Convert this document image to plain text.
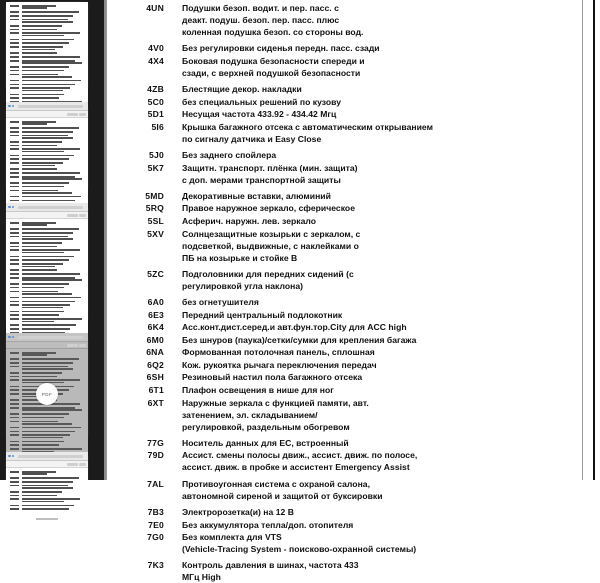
PDF
4UN Подушки безоп. водит. и пер. пасс. с
деакт. подуш. безоп. пер. пасс. плюс
коленная подушка безоп. со стороны вод.
4V0 Без регулировки сиденья передн. пасс. сзади
4X4 Боковая подушка безопасности спереди и
сзади, с верхней подушкой безопасности
4ZB Блестящие декор. накладки
5C0 без специальных решений по кузову
5D1 Несущая частота 433.92 - 434.42 Мгц
5I6 Крышка багажного отсека с автоматическим открыванием
по сигналу датчика и Easy Close
5J0 Без заднего спойлера
5K7 Защитн. транспорт. плёнка (мин. защита)
с доп. мерами транспортной защиты
5MD Декоративные вставки, алюминий
5RQ Правое наружное зеркало, сферическое
5SL Асферич. наружн. лев. зеркало
5XV Солнцезащитные козырьки с зеркалом, с
подсветкой, выдвижные, с наклейками о
ПБ на козырьке и стойке B
5ZC Подголовники для передних сидений (с
регулировкой угла наклона)
6A0 без огнетушителя
6E3 Передний центральный подлокотник
6K4 Асс.конт.дист.серед.и авт.фун.тор.City для ACC high
6M0 Без шнуров (паука)/сетки/сумки для крепления багажа
6NA Формованная потолочная панель, сплошная
6Q2 Кож. рукоятка рычага переключения передач
6SH Резиновый настил пола багажного отсека
6T1 Плафон освещения в нише для ног
6XT Наружные зеркала с функцией памяти, авт.
затенением, эл. складыванием/
регулировкой, раздельным обогревом
77G Носитель данных для ЕС, встроенный
79D Ассист. смены полосы движ., ассист. движ. по полосе,
ассист. движ. в пробке и ассистент Emergency Assist
7AL Противоугонная система с охраной салона,
автономной сиреной и защитой от буксировки
7B3 Электророзетка(и) на 12 В
7E0 Без аккумулятора тепла/доп. отопителя
7G0 Без комплекта для VTS
(Vehicle-Tracing System - поисково-охранной системы)
7K3 Контроль давления в шинах, частота 433
МГц High
